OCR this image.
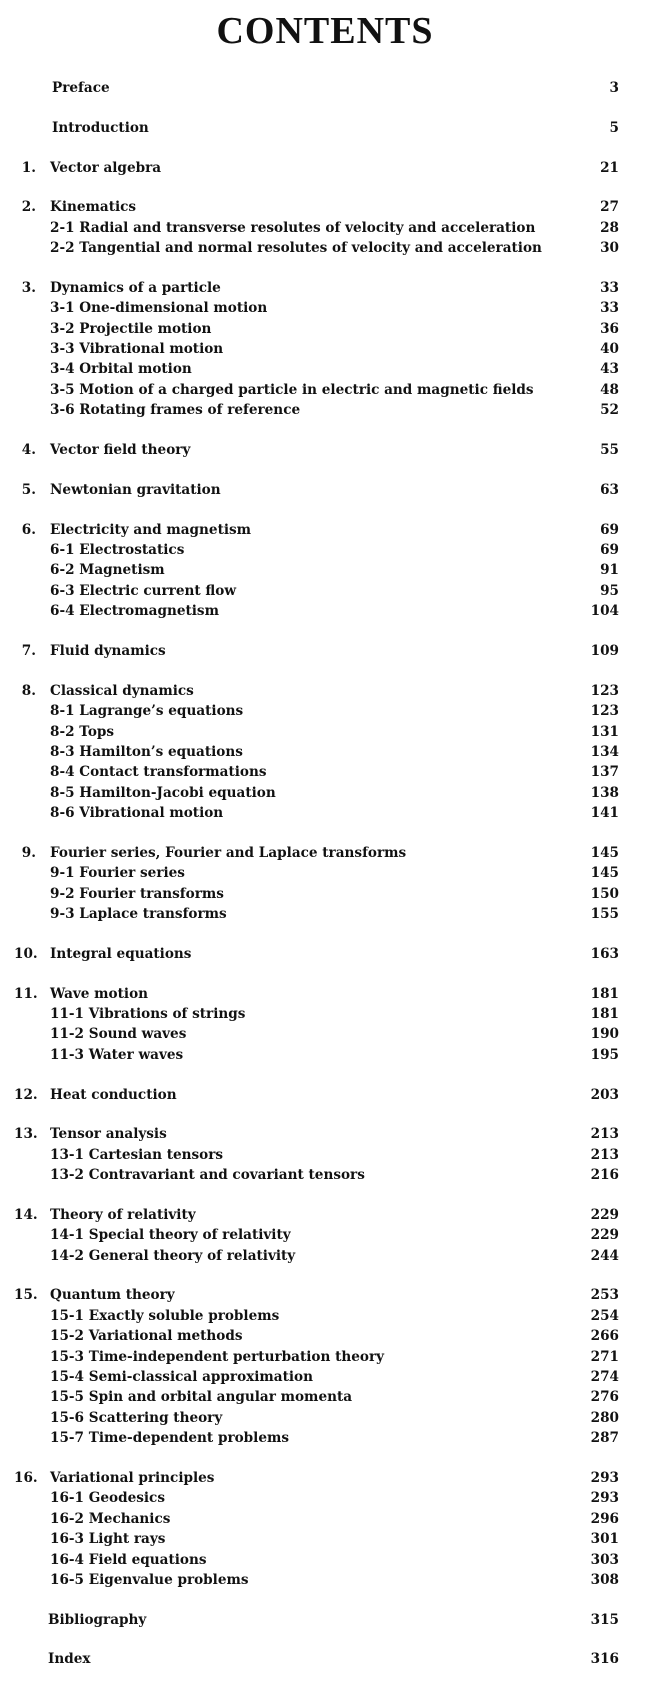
CONTENTS
Preface	3
Introduction	5
1. Vector algebra	21
2. Kinematics	27
2-1 Radial and transverse resolutes of velocity and acceleration	28
2-2 Tangential and normal resolutes of velocity and acceleration	30
3. Dynamics of a particle	33
3-1 One-dimensional motion	33
3-2 Projectile motion	36
3-3 Vibrational motion	40
3-4 Orbital motion	43
3-5 Motion of a charged particle in electric and magnetic fields	48
3-6 Rotating frames of reference	52
4. Vector field theory	55
5. Newtonian gravitation	63
6. Electricity and magnetism	69
6-1 Electrostatics	69
6-2 Magnetism	91
6-3 Electric current flow	95
6-4 Electromagnetism	104
7. Fluid dynamics	109
8. Classical dynamics	123
8-1 Lagrange’s equations	123
8-2 Tops	131
8-3 Hamilton’s equations	134
8-4 Contact transformations	137
8-5 Hamilton-Jacobi equation	138
8-6 Vibrational motion	141
9. Fourier series, Fourier and Laplace transforms	145
9-1 Fourier series	145
9-2 Fourier transforms	150
9-3 Laplace transforms	155
10. Integral equations	163
11. Wave motion	181
11-1 Vibrations of strings	181
11-2 Sound waves	190
11-3 Water waves	195
12. Heat conduction	203
13. Tensor analysis	213
13-1 Cartesian tensors	213
13-2 Contravariant and covariant tensors	216
14. Theory of relativity	229
14-1 Special theory of relativity	229
14-2 General theory of relativity	244
15. Quantum theory	253
15-1 Exactly soluble problems	254
15-2 Variational methods	266
15-3 Time-independent perturbation theory	271
15-4 Semi-classical approximation	274
15-5 Spin and orbital angular momenta	276
15-6 Scattering theory	280
15-7 Time-dependent problems	287
16. Variational principles	293
16-1 Geodesics	293
16-2 Mechanics	296
16-3 Light rays	301
16-4 Field equations	303
16-5 Eigenvalue problems	308
Bibliography	315
Index	316
